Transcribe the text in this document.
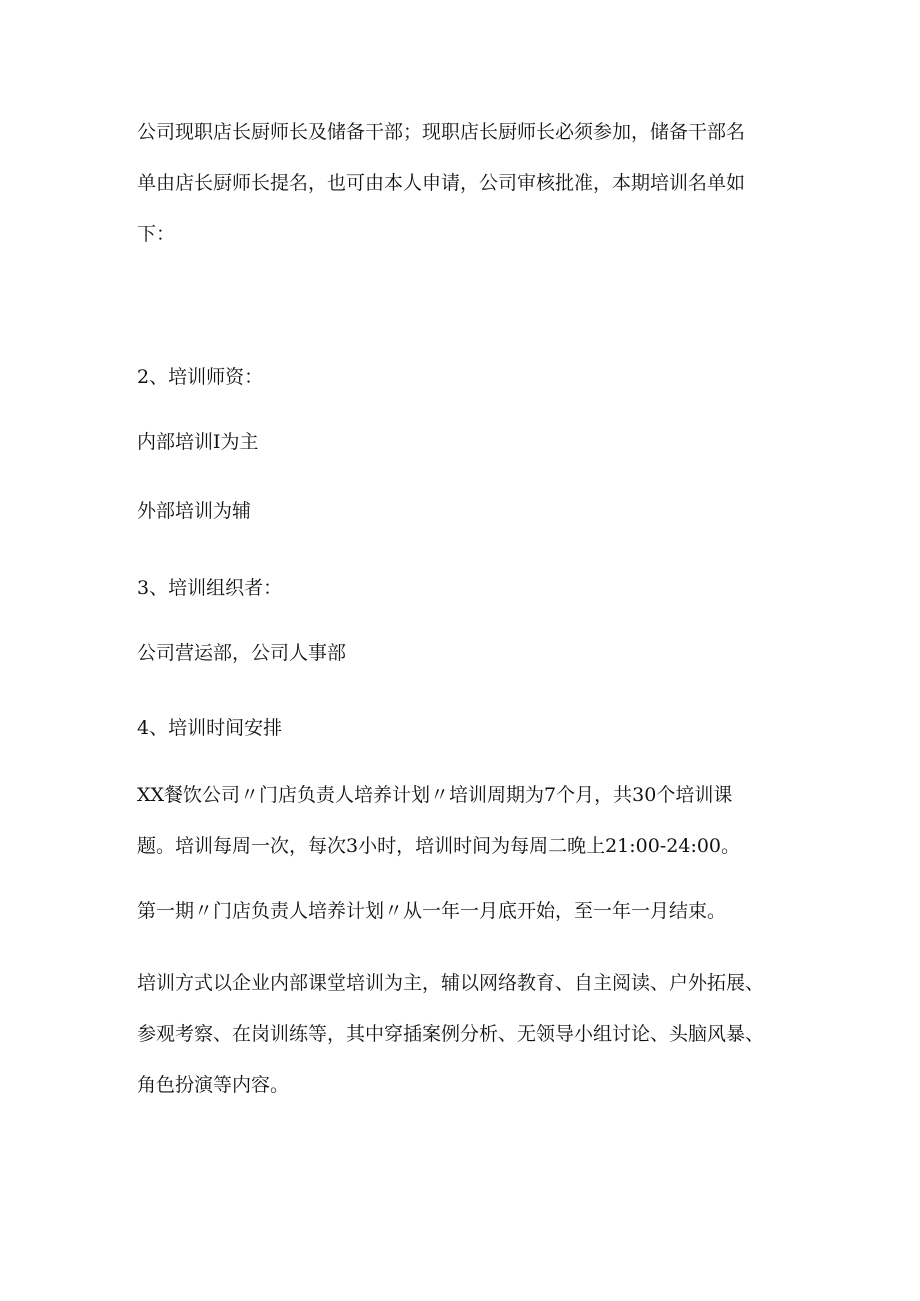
公司现职店长厨师长及储备干部；现职店长厨师长必须参加，储备干部名
单由店长厨师长提名，也可由本人申请，公司审核批准，本期培训名单如
下：
2、培训师资：
内部培训Ⅰ为主
外部培训为辅
3、培训组织者：
公司营运部，公司人事部
4、培训时间安排
XX餐饮公司〃门店负责人培养计划〃培训周期为7个月，共30个培训课
题。培训每周一次，每次3小时，培训时间为每周二晚上21:00-24:00。
第一期〃门店负责人培养计划〃从一年一月底开始，至一年一月结束。
培训方式以企业内部课堂培训为主，辅以网络教育、自主阅读、户外拓展、
参观考察、在岗训练等，其中穿插案例分析、无领导小组讨论、头脑风暴、
角色扮演等内容。
